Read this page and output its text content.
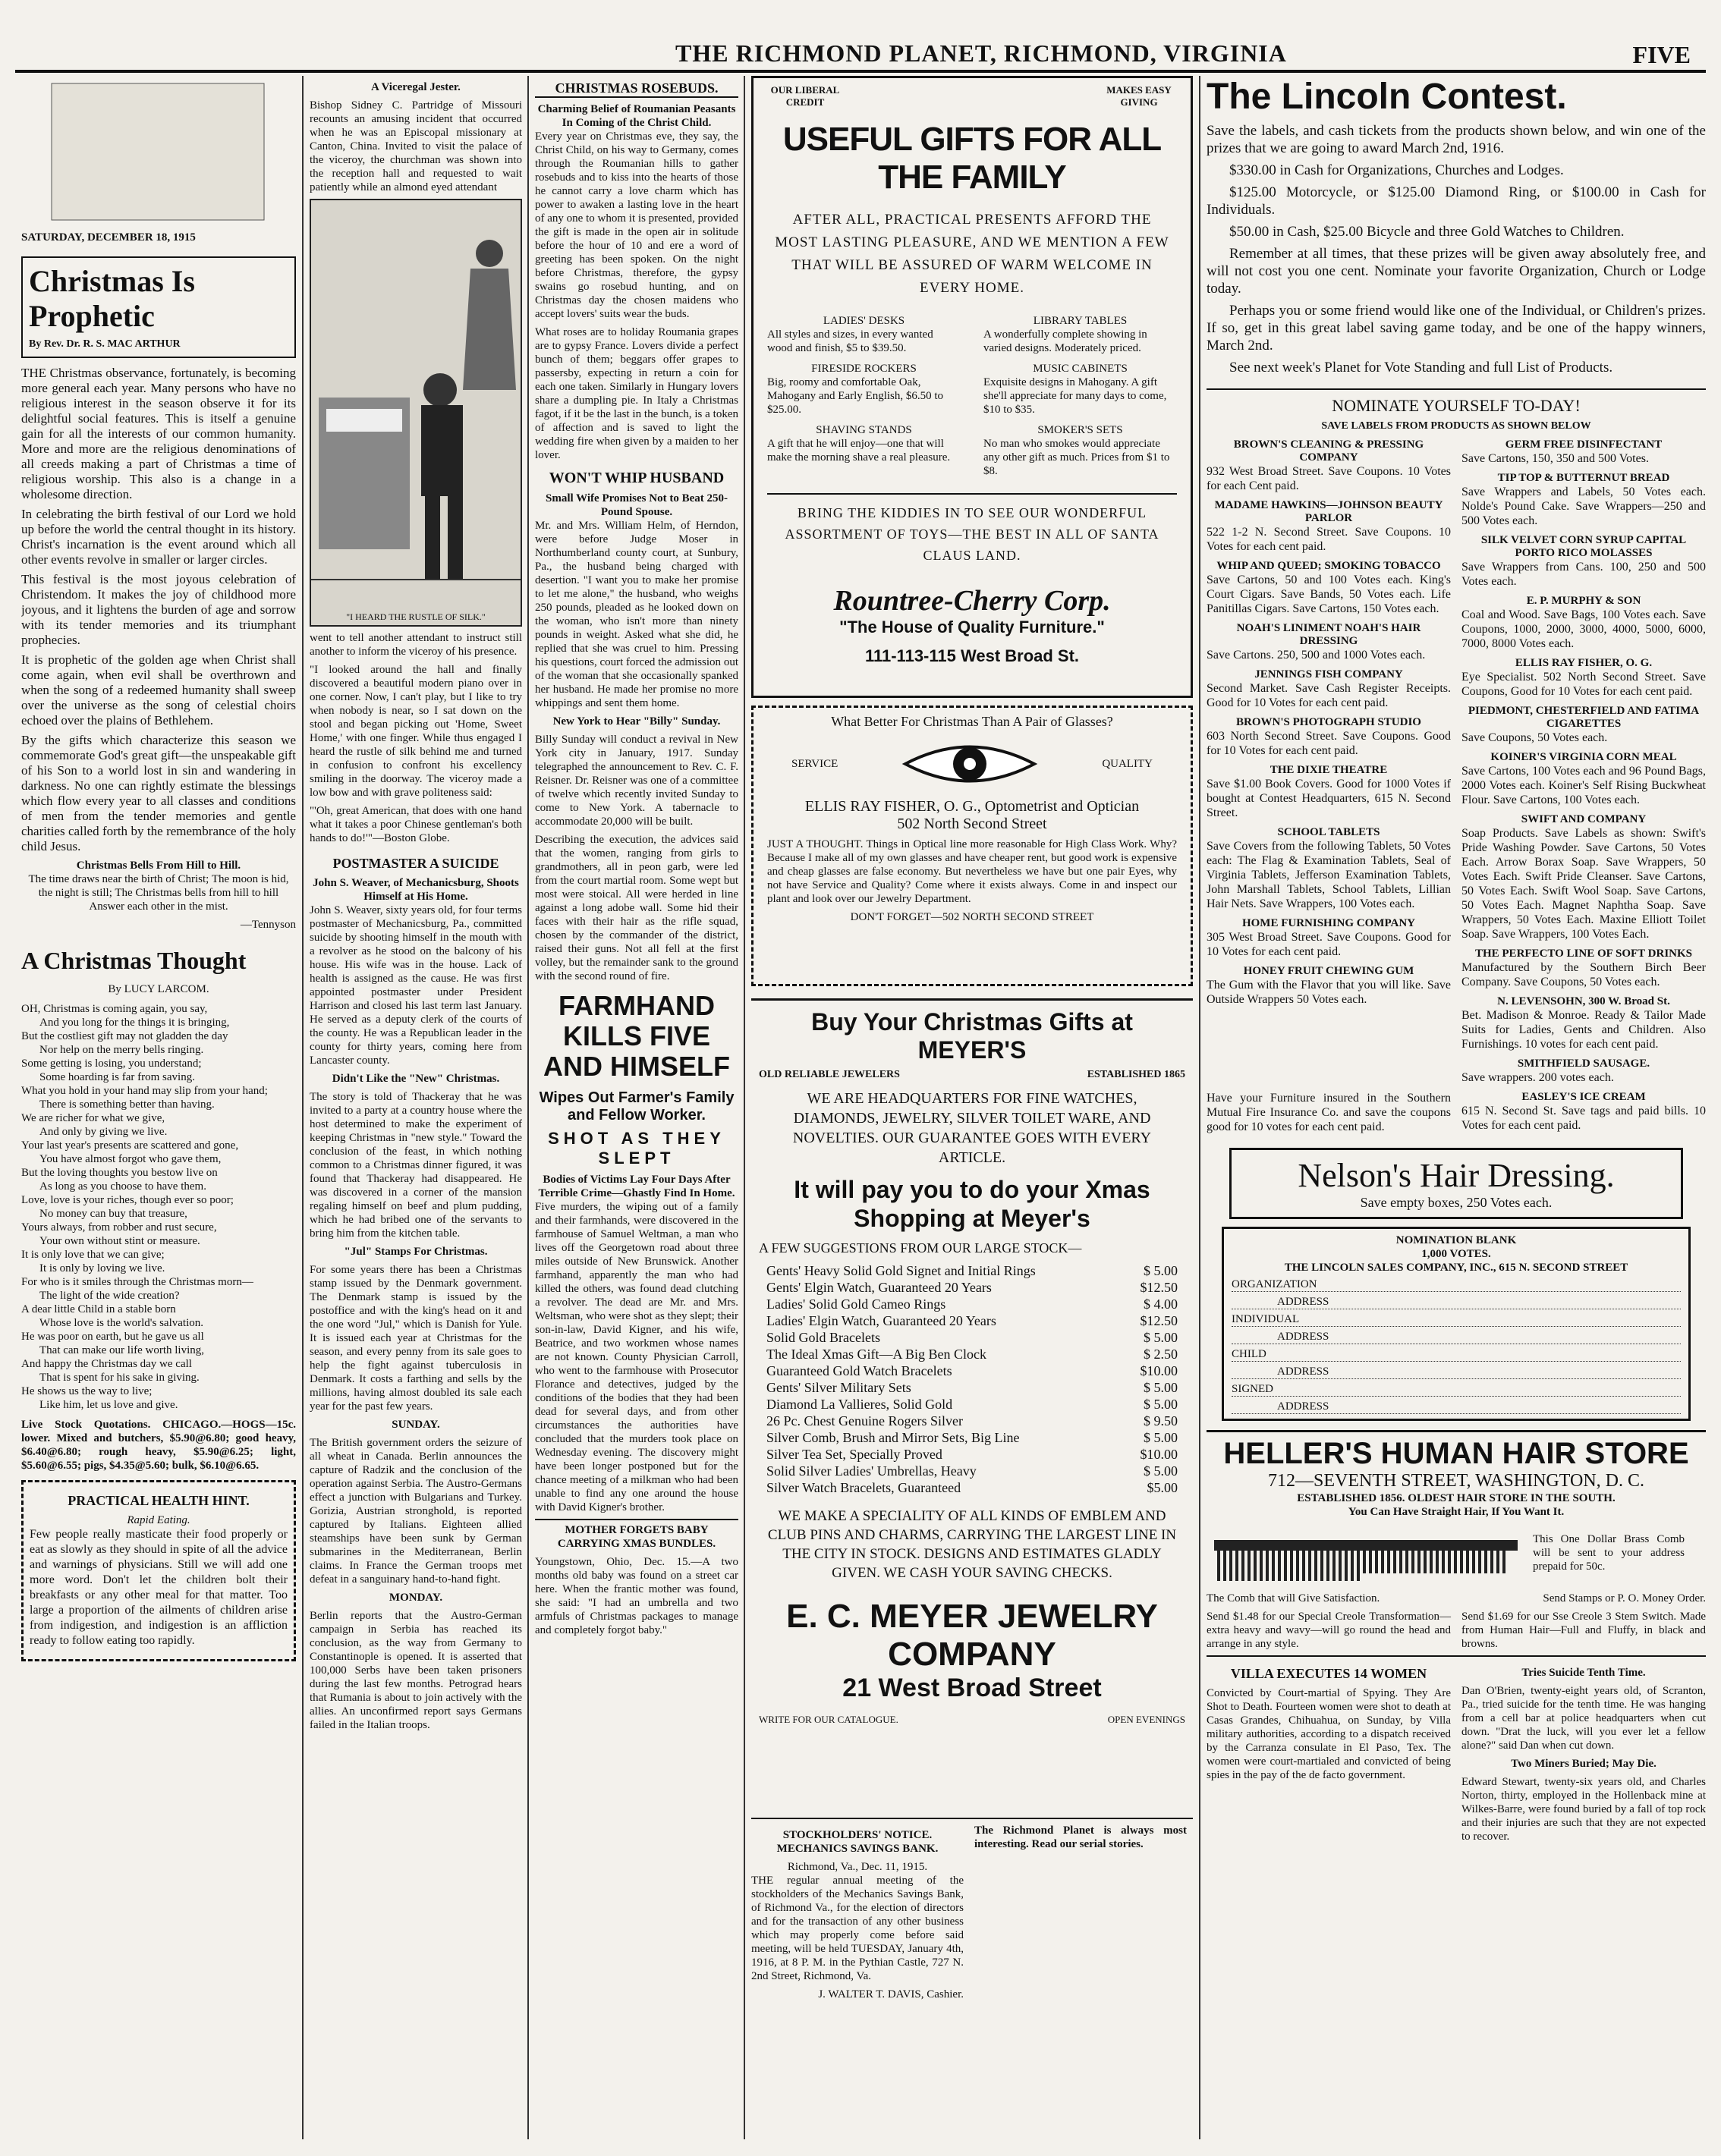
THE RICHMOND PLANET, RICHMOND, VIRGINIA	FIVE
SATURDAY, DECEMBER 18, 1915
Christmas Is Prophetic
By Rev. Dr. R. S. MAC ARTHUR

THE Christmas observance, fortunately, is becoming more general each year. Many persons who have no religious interest in the season observe it for its delightful social features. This is itself a genuine gain for all the interests of our common humanity. More and more are the religious denominations of all creeds making a part of Christmas a time of religious worship. This also is a change in a wholesome direction.

In celebrating the birth festival of our Lord we hold up before the world the central thought in its history. Christ's incarnation is the event around which all other events revolve in smaller or larger circles.

This festival is the most joyous celebration of Christendom. It makes the joy of childhood more joyous, and it lightens the burden of age and sorrow with its tender memories and its triumphant prophecies.

It is prophetic of the golden age when Christ shall come again, when evil shall be overthrown and when the song of a redeemed humanity shall sweep over the universe as the song of celestial choirs echoed over the plains of Bethlehem.

By the gifts which characterize this season we commemorate God's great gift—the unspeakable gift of his Son to a world lost in sin and wandering in darkness. No one can rightly estimate the blessings which flow every year to all classes and conditions of men from the tender memories and gentle charities called forth by the remembrance of the holy child Jesus.

Christmas Bells From Hill to Hill.

The time draws near the birth of Christ; The moon is hid, the night is still; The Christmas bells from hill to hill Answer each other in the mist.

—Tennyson

A Christmas Thought
By LUCY LARCOM.
OH, Christmas is coming again, you say,
And you long for the things it is bringing,
But the costliest gift may not gladden the day
Nor help on the merry bells ringing.
Some getting is losing, you understand;
Some hoarding is far from saving.
What you hold in your hand may slip from your hand;
There is something better than having.
We are richer for what we give,
And only by giving we live.
Your last year's presents are scattered and gone,
You have almost forgot who gave them,
But the loving thoughts you bestow live on
As long as you choose to have them.
Love, love is your riches, though ever so poor;
No money can buy that treasure,
Yours always, from robber and rust secure,
Your own without stint or measure.
It is only love that we can give;
It is only by loving we live.
For who is it smiles through the Christmas morn—
The light of the wide creation?
A dear little Child in a stable born
Whose love is the world's salvation.
He was poor on earth, but he gave us all
That can make our life worth living,
And happy the Christmas day we call
That is spent for his sake in giving.
He shows us the way to live;
Like him, let us love and give.

Live Stock Quotations. CHICAGO.—HOGS—15c. lower. Mixed and butchers, $5.90@6.80; good heavy, $6.40@6.80; rough heavy, $5.90@6.25; light, $5.60@6.55; pigs, $4.35@5.60; bulk, $6.10@6.65.

PRACTICAL HEALTH HINT.
Rapid Eating.

Few people really masticate their food properly or eat as slowly as they should in spite of all the advice and warnings of physicians. Still we will add one more word. Don't let the children bolt their breakfasts or any other meal for that matter. Too large a proportion of the ailments of children arise from indigestion, and indigestion is an affliction ready to follow eating too rapidly.

A Viceregal Jester.

Bishop Sidney C. Partridge of Missouri recounts an amusing incident that occurred when he was an Episcopal missionary at Canton, China. Invited to visit the palace of the viceroy, the churchman was shown into the reception hall and requested to wait patiently while an almond eyed attendant

"I HEARD THE RUSTLE OF SILK."

went to tell another attendant to instruct still another to inform the viceroy of his presence.

"I looked around the hall and finally discovered a beautiful modern piano over in one corner. Now, I can't play, but I like to try when nobody is near, so I sat down on the stool and began picking out 'Home, Sweet Home,' with one finger. While thus engaged I heard the rustle of silk behind me and turned in confusion to confront his excellency smiling in the doorway. The viceroy made a low bow and with grave politeness said:

"'Oh, great American, that does with one hand what it takes a poor Chinese gentleman's both hands to do!'"—Boston Globe.

POSTMASTER A SUICIDE
John S. Weaver, of Mechanicsburg, Shoots Himself at His Home.

John S. Weaver, sixty years old, for four terms postmaster of Mechanicsburg, Pa., committed suicide by shooting himself in the mouth with a revolver as he stood on the balcony of his house. His wife was in the house. Lack of health is assigned as the cause. He was first appointed postmaster under President Harrison and closed his last term last January. He served as a deputy clerk of the courts of the county. He was a Republican leader in the county for thirty years, coming here from Lancaster county.

Didn't Like the "New" Christmas.

The story is told of Thackeray that he was invited to a party at a country house where the host determined to make the experiment of keeping Christmas in "new style." Toward the conclusion of the feast, in which nothing common to a Christmas dinner figured, it was found that Thackeray had disappeared. He was discovered in a corner of the mansion regaling himself on beef and plum pudding, which he had bribed one of the servants to bring him from the kitchen table.

"Jul" Stamps For Christmas.

For some years there has been a Christmas stamp issued by the Denmark government. The Denmark stamp is issued by the postoffice and with the king's head on it and the one word "Jul," which is Danish for Yule. It is issued each year at Christmas for the season, and every penny from its sale goes to help the fight against tuberculosis in Denmark. It costs a farthing and sells by the millions, having almost doubled its sale each year for the past few years.

SUNDAY.

The British government orders the seizure of all wheat in Canada. Berlin announces the capture of Radzik and the conclusion of the operation against Serbia. The Austro-Germans effect a junction with Bulgarians and Turkey. Gorizia, Austrian stronghold, is reported captured by Italians. Eighteen allied steamships have been sunk by German submarines in the Mediterranean, Berlin claims. In France the German troops met defeat in a sanguinary hand-to-hand fight.

MONDAY.

Berlin reports that the Austro-German campaign in Serbia has reached its conclusion, as the way from Germany to Constantinople is opened. It is asserted that 100,000 Serbs have been taken prisoners during the last few months. Petrograd hears that Rumania is about to join actively with the allies. An unconfirmed report says Germans failed in the Italian troops.

CHRISTMAS ROSEBUDS.
Charming Belief of Roumanian Peasants In Coming of the Christ Child.

Every year on Christmas eve, they say, the Christ Child, on his way to Germany, comes through the Roumanian hills to gather rosebuds and to kiss into the hearts of those he cannot carry a love charm which has power to awaken a lasting love in the heart of any one to whom it is presented, provided the gift is made in the open air in solitude before the hour of 10 and ere a word of greeting has been spoken. On the night before Christmas, therefore, the gypsy swains go rosebud hunting, and on Christmas day the chosen maidens who accept lovers' suits wear the buds.

What roses are to holiday Roumania grapes are to gypsy France. Lovers divide a perfect bunch of them; beggars offer grapes to passersby, expecting in return a coin for each one taken. Similarly in Hungary lovers share a dumpling pie. In Italy a Christmas fagot, if it be the last in the bunch, is a token of affection and is saved to light the wedding fire when given by a maiden to her lover.

WON'T WHIP HUSBAND
Small Wife Promises Not to Beat 250-Pound Spouse.

Mr. and Mrs. William Helm, of Herndon, were before Judge Moser in Northumberland county court, at Sunbury, Pa., the husband being charged with desertion. "I want you to make her promise to let me alone," the husband, who weighs 250 pounds, pleaded as he looked down on the woman, who isn't more than ninety pounds in weight. Asked what she did, he replied that she was cruel to him. Pressing his questions, court forced the admission out of the woman that she occasionally spanked her husband. He made her promise no more whippings and sent them home.

New York to Hear "Billy" Sunday.

Billy Sunday will conduct a revival in New York city in January, 1917. Sunday telegraphed the announcement to Rev. C. F. Reisner. Dr. Reisner was one of a committee of twelve which recently invited Sunday to come to New York. A tabernacle to accommodate 20,000 will be built.

Describing the execution, the advices said that the women, ranging from girls to grandmothers, all in peon garb, were led from the court martial room. Some wept but most were stoical. All were herded in line against a long adobe wall. Some hid their faces with their hair as the rifle squad, chosen by the commander of the district, raised their guns. Not all fell at the first volley, but the remainder sank to the ground with the second round of fire.

FARMHAND KILLS FIVE AND HIMSELF
Wipes Out Farmer's Family and Fellow Worker.
SHOT AS THEY SLEPT
Bodies of Victims Lay Four Days After Terrible Crime—Ghastly Find In Home.

Five murders, the wiping out of a family and their farmhands, were discovered in the farmhouse of Samuel Weltman, a man who lives off the Georgetown road about three miles outside of New Brunswick. Another farmhand, apparently the man who had killed the others, was found dead clutching a revolver. The dead are Mr. and Mrs. Weltsman, who were shot as they slept; their son-in-law, David Kigner, and his wife, Beatrice, and two workmen whose names are not known. County Physician Carroll, who went to the farmhouse with Prosecutor Florance and detectives, judged by the conditions of the bodies that they had been dead for several days, and from other circumstances the authorities have concluded that the murders took place on Wednesday evening. The discovery might have been longer postponed but for the chance meeting of a milkman who had been unable to find any one around the house with David Kigner's brother.

MOTHER FORGETS BABY CARRYING XMAS BUNDLES.

Youngstown, Ohio, Dec. 15.—A two months old baby was found on a street car here. When the frantic mother was found, she said: "I had an umbrella and two armfuls of Christmas packages to manage and completely forgot baby."

OUR LIBERAL CREDIT
MAKES EASY GIVING
USEFUL GIFTS FOR ALL THE FAMILY
AFTER ALL, PRACTICAL PRESENTS AFFORD THE MOST LASTING PLEASURE, AND WE MENTION A FEW THAT WILL BE ASSURED OF WARM WELCOME IN EVERY HOME.
LADIES' DESKS
All styles and sizes, in every wanted wood and finish, $5 to $39.50.
LIBRARY TABLES
A wonderfully complete showing in varied designs. Moderately priced.
FIRESIDE ROCKERS
Big, roomy and comfortable Oak, Mahogany and Early English, $6.50 to $25.00.
MUSIC CABINETS
Exquisite designs in Mahogany. A gift she'll appreciate for many days to come, $10 to $35.
SHAVING STANDS
A gift that he will enjoy—one that will make the morning shave a real pleasure.
SMOKER'S SETS
No man who smokes would appreciate any other gift as much. Prices from $1 to $8.
BRING THE KIDDIES IN TO SEE OUR WONDERFUL ASSORTMENT OF TOYS—THE BEST IN ALL OF SANTA CLAUS LAND.
Rountree-Cherry Corp.
"The House of Quality Furniture."
111-113-115 West Broad St.
What Better For Christmas Than A Pair of Glasses?
SERVICE	QUALITY
ELLIS RAY FISHER, O. G., Optometrist and Optician
502 North Second Street

JUST A THOUGHT. Things in Optical line more reasonable for High Class Work. Why? Because I make all of my own glasses and have cheaper rent, but good work is expensive and cheap glasses are false economy. But nevertheless we have but one pair Eyes, why not have Service and Quality? Come where it exists always. Come in and inspect our plant and look over our Jewelry Department.

DON'T FORGET—502 NORTH SECOND STREET
Buy Your Christmas Gifts at MEYER'S
OLD RELIABLE JEWELERS	ESTABLISHED 1865
WE ARE HEADQUARTERS FOR FINE WATCHES, DIAMONDS, JEWELRY, SILVER TOILET WARE, AND NOVELTIES. OUR GUARANTEE GOES WITH EVERY ARTICLE.
It will pay you to do your Xmas Shopping at Meyer's
A FEW SUGGESTIONS FROM OUR LARGE STOCK—
Gents' Heavy Solid Gold Signet and Initial Rings	$ 5.00
Gents' Elgin Watch, Guaranteed 20 Years	$12.50
Ladies' Solid Gold Cameo Rings	$ 4.00
Ladies' Elgin Watch, Guaranteed 20 Years	$12.50
Solid Gold Bracelets	$ 5.00
The Ideal Xmas Gift—A Big Ben Clock	$ 2.50
Guaranteed Gold Watch Bracelets	$10.00
Gents' Silver Military Sets	$ 5.00
Diamond La Vallieres, Solid Gold	$ 5.00
26 Pc. Chest Genuine Rogers Silver	$ 9.50
Silver Comb, Brush and Mirror Sets, Big Line	$ 5.00
Silver Tea Set, Specially Proved	$10.00
Solid Silver Ladies' Umbrellas, Heavy	$ 5.00
Silver Watch Bracelets, Guaranteed	$5.00
WE MAKE A SPECIALITY OF ALL KINDS OF EMBLEM AND CLUB PINS AND CHARMS, CARRYING THE LARGEST LINE IN THE CITY IN STOCK. DESIGNS AND ESTIMATES GLADLY GIVEN. WE CASH YOUR SAVING CHECKS.
E. C. MEYER JEWELRY COMPANY
21 West Broad Street
WRITE FOR OUR CATALOGUE.	OPEN EVENINGS
STOCKHOLDERS' NOTICE. MECHANICS SAVINGS BANK.
Richmond, Va., Dec. 11, 1915.

THE regular annual meeting of the stockholders of the Mechanics Savings Bank, of Richmond Va., for the election of directors and for the transaction of any other business which may properly come before said meeting, will be held TUESDAY, January 4th, 1916, at 8 P. M. in the Pythian Castle, 727 N. 2nd Street, Richmond, Va.

J. WALTER T. DAVIS, Cashier.

The Richmond Planet is always most interesting. Read our serial stories.

The Lincoln Contest.

Save the labels, and cash tickets from the products shown below, and win one of the prizes that we are going to award March 2nd, 1916.

$330.00 in Cash for Organizations, Churches and Lodges.

$125.00 Motorcycle, or $125.00 Diamond Ring, or $100.00 in Cash for Individuals.

$50.00 in Cash, $25.00 Bicycle and three Gold Watches to Children.

Remember at all times, that these prizes will be given away absolutely free, and will not cost you one cent. Nominate your favorite Organization, Church or Lodge today.

Perhaps you or some friend would like one of the Individual, or Children's prizes. If so, get in this great label saving game today, and be one of the happy winners, March 2nd.

See next week's Planet for Vote Standing and full List of Products.

NOMINATE YOURSELF TO-DAY!
SAVE LABELS FROM PRODUCTS AS SHOWN BELOW
BROWN'S CLEANING & PRESSING COMPANY

932 West Broad Street. Save Coupons. 10 Votes for each Cent paid.

MADAME HAWKINS—JOHNSON BEAUTY PARLOR

522 1-2 N. Second Street. Save Coupons. 10 Votes for each cent paid.

WHIP AND QUEED; SMOKING TOBACCO

Save Cartons, 50 and 100 Votes each. King's Court Cigars. Save Bands, 50 Votes each. Life Panitillas Cigars. Save Cartons, 150 Votes each.

NOAH'S LINIMENT NOAH'S HAIR DRESSING

Save Cartons. 250, 500 and 1000 Votes each.

JENNINGS FISH COMPANY

Second Market. Save Cash Register Receipts. Good for 10 Votes for each cent paid.

BROWN'S PHOTOGRAPH STUDIO

603 North Second Street. Save Coupons. Good for 10 Votes for each cent paid.

THE DIXIE THEATRE

Save $1.00 Book Covers. Good for 1000 Votes if bought at Contest Headquarters, 615 N. Second Street.

SCHOOL TABLETS

Save Covers from the following Tablets, 50 Votes each: The Flag & Examination Tablets, Seal of Virginia Tablets, Jefferson Examination Tablets, John Marshall Tablets, School Tablets, Lillian Hair Nets. Save Wrappers, 100 Votes each.

HOME FURNISHING COMPANY

305 West Broad Street. Save Coupons. Good for 10 Votes for each cent paid.

HONEY FRUIT CHEWING GUM

The Gum with the Flavor that you will like. Save Outside Wrappers 50 Votes each.

GERM FREE DISINFECTANT

Save Cartons, 150, 350 and 500 Votes.

TIP TOP & BUTTERNUT BREAD

Save Wrappers and Labels, 50 Votes each. Nolde's Pound Cake. Save Wrappers—250 and 500 Votes each.

SILK VELVET CORN SYRUP CAPITAL PORTO RICO MOLASSES

Save Wrappers from Cans. 100, 250 and 500 Votes each.

E. P. MURPHY & SON

Coal and Wood. Save Bags, 100 Votes each. Save Coupons, 1000, 2000, 3000, 4000, 5000, 6000, 7000, 8000 Votes each.

ELLIS RAY FISHER, O. G.

Eye Specialist. 502 North Second Street. Save Coupons, Good for 10 Votes for each cent paid.

PIEDMONT, CHESTERFIELD AND FATIMA CIGARETTES

Save Coupons, 50 Votes each.

KOINER'S VIRGINIA CORN MEAL

Save Cartons, 100 Votes each and 96 Pound Bags, 2000 Votes each. Koiner's Self Rising Buckwheat Flour. Save Cartons, 100 Votes each.

SWIFT AND COMPANY

Soap Products. Save Labels as shown: Swift's Pride Washing Powder. Save Cartons, 50 Votes Each. Arrow Borax Soap. Save Wrappers, 50 Votes Each. Swift Pride Cleanser. Save Cartons, 50 Votes Each. Swift Wool Soap. Save Cartons, 50 Votes Each. Magnet Naphtha Soap. Save Wrappers, 50 Votes Each. Maxine Elliott Toilet Soap. Save Wrappers, 100 Votes Each.

THE PERFECTO LINE OF SOFT DRINKS

Manufactured by the Southern Birch Beer Company. Save Coupons, 50 Votes each.

N. LEVENSOHN, 300 W. Broad St.

Bet. Madison & Monroe. Ready & Tailor Made Suits for Ladies, Gents and Children. Also Furnishings. 10 votes for each cent paid.

SMITHFIELD SAUSAGE.

Save wrappers. 200 votes each.

Have your Furniture insured in the Southern Mutual Fire Insurance Co. and save the coupons good for 10 votes for each cent paid.

EASLEY'S ICE CREAM

615 N. Second St. Save tags and paid bills. 10 Votes for each cent paid.

Nelson's Hair Dressing.
Save empty boxes, 250 Votes each.
NOMINATION BLANK
1,000 VOTES.
THE LINCOLN SALES COMPANY, INC., 615 N. SECOND STREET
ORGANIZATION
ADDRESS
INDIVIDUAL
ADDRESS
CHILD
ADDRESS
SIGNED
ADDRESS
HELLER'S HUMAN HAIR STORE
712—SEVENTH STREET, WASHINGTON, D. C.
ESTABLISHED 1856. OLDEST HAIR STORE IN THE SOUTH.
You Can Have Straight Hair, If You Want It.

This One Dollar Brass Comb will be sent to your address prepaid for 50c.

The Comb that will Give Satisfaction.	Send Stamps or P. O. Money Order.

Send $1.48 for our Special Creole Transformation—extra heavy and wavy—will go round the head and arrange in any style.

Send $1.69 for our Sse Creole 3 Stem Switch. Made from Human Hair—Full and Fluffy, in black and browns.

VILLA EXECUTES 14 WOMEN

Convicted by Court-martial of Spying. They Are Shot to Death. Fourteen women were shot to death at Casas Grandes, Chihuahua, on Sunday, by Villa military authorities, according to a dispatch received by the Carranza consulate in El Paso, Tex. The women were court-martialed and convicted of being spies in the pay of the de facto government.

Tries Suicide Tenth Time.

Dan O'Brien, twenty-eight years old, of Scranton, Pa., tried suicide for the tenth time. He was hanging from a cell bar at police headquarters when cut down. "Drat the luck, will you ever let a fellow alone?" said Dan when cut down.

Two Miners Buried; May Die.

Edward Stewart, twenty-six years old, and Charles Norton, thirty, employed in the Hollenback mine at Wilkes-Barre, were found buried by a fall of top rock and their injuries are such that they are not expected to recover.
